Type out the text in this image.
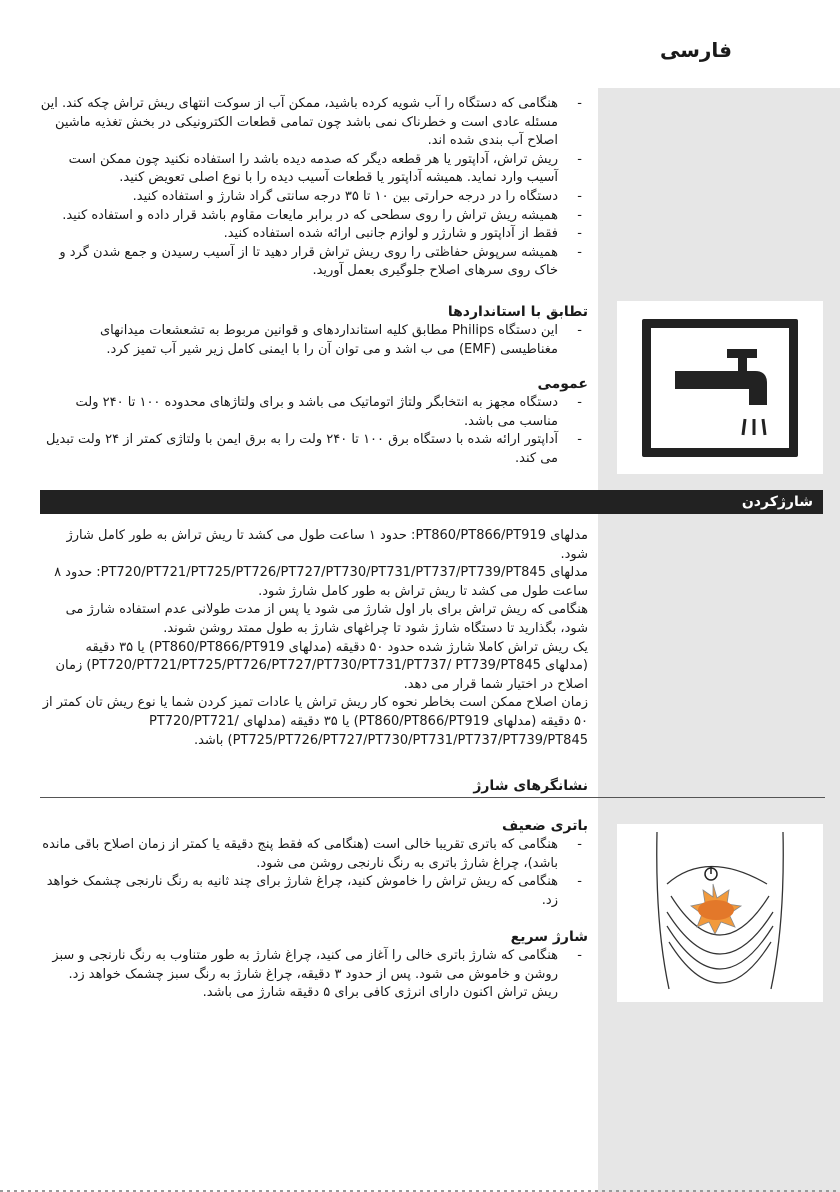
فارسی

-
هنگامی که دستگاه را آب شویه کرده باشید، ممکن آب از سوکت انتهای ریش تراش چکه کند. این مسئله عادی است و خطرناک نمی باشد چون تمامی قطعات الکترونیکی در بخش تغذیه ماشین اصلاح آب بندی شده اند.

-
ریش تراش، آداپتور یا هر قطعه دیگر که صدمه دیده باشد را استفاده نکنید چون ممکن است آسیب وارد نماید. همیشه آداپتور یا قطعات آسیب دیده را با نوع اصلی تعویض کنید.

-
دستگاه را در درجه حرارتی بین ۱۰ تا ۳۵ درجه سانتی گراد شارژ و استفاده کنید.

-
همیشه ریش تراش را روی سطحی که در برابر مایعات مقاوم باشد قرار داده و استفاده کنید.

-
فقط از آداپتور و شارژر و لوازم جانبی ارائه شده استفاده کنید.

-
همیشه سرپوش حفاظتی را روی ریش تراش قرار دهید تا از آسیب رسیدن و جمع شدن گرد و خاک روی سرهای اصلاح جلوگیری بعمل آورید.

تطابق با استانداردها

-
این دستگاه Philips مطابق کلیه استانداردهای و قوانین مربوط به تشعشعات میدانهای مغناطیسی (EMF) می ب اشد و می توان آن را با ایمنی کامل زیر شیر آب تمیز کرد.

عمومی

-
دستگاه مجهز به انتخابگر ولتاژ اتوماتیک می باشد و برای ولتاژهای محدوده ۱۰۰ تا ۲۴۰ ولت مناسب می باشد.

-
آداپتور ارائه شده با دستگاه برق ۱۰۰ تا ۲۴۰ ولت را به برق ایمن با ولتاژی کمتر از ۲۴ ولت تبدیل می کند.

شارژکردن

مدلهای PT860/PT866/PT919: حدود ۱ ساعت طول می کشد تا ریش تراش به طور کامل شارژ شود.

مدلهای PT720/PT721/PT725/PT726/PT727/PT730/PT731/PT737/PT739/PT845: حدود ۸ ساعت طول می کشد تا ریش تراش به طور کامل شارژ شود.

هنگامی که ریش تراش برای بار اول شارژ می شود یا پس از مدت طولانی عدم استفاده شارژ می شود، بگذارید تا دستگاه شارژ شود تا چراغهای شارژ به طول ممتد روشن شوند.

یک ریش تراش کاملا شارژ شده حدود ۵۰ دقیقه (مدلهای PT860/PT866/PT919) یا ۳۵ دقیقه (مدلهای PT720/PT721/PT725/PT726/PT727/PT730/PT731/PT737/ PT739/PT845) زمان اصلاح در اختیار شما قرار می دهد.

زمان اصلاح ممکن است بخاطر نحوه کار ریش تراش یا عادات تمیز کردن شما یا نوع ریش تان کمتر از ۵۰ دقیقه (مدلهای PT860/PT866/PT919) یا ۳۵ دقیقه (مدلهای PT720/PT721/ PT725/PT726/PT727/PT730/PT731/PT737/PT739/PT845) باشد.

نشانگرهای شارژ

باتری ضعیف

-
هنگامی که باتری تقریبا خالی است (هنگامی که فقط پنج دقیقه یا کمتر از زمان اصلاح باقی مانده باشد)، چراغ شارژ باتری به رنگ نارنجی روشن می شود.

-
هنگامی که ریش تراش را خاموش کنید، چراغ شارژ برای چند ثانیه به رنگ نارنجی چشمک خواهد زد.

شارژ سریع

-
هنگامی که شارژ باتری خالی را آغاز می کنید، چراغ شارژ به طور متناوب به رنگ نارنجی و سبز روشن و خاموش می شود. پس از حدود ۳ دقیقه، چراغ شارژ به رنگ سبز چشمک خواهد زد. ریش تراش اکنون دارای انرژی کافی برای ۵ دقیقه شارژ می باشد.
